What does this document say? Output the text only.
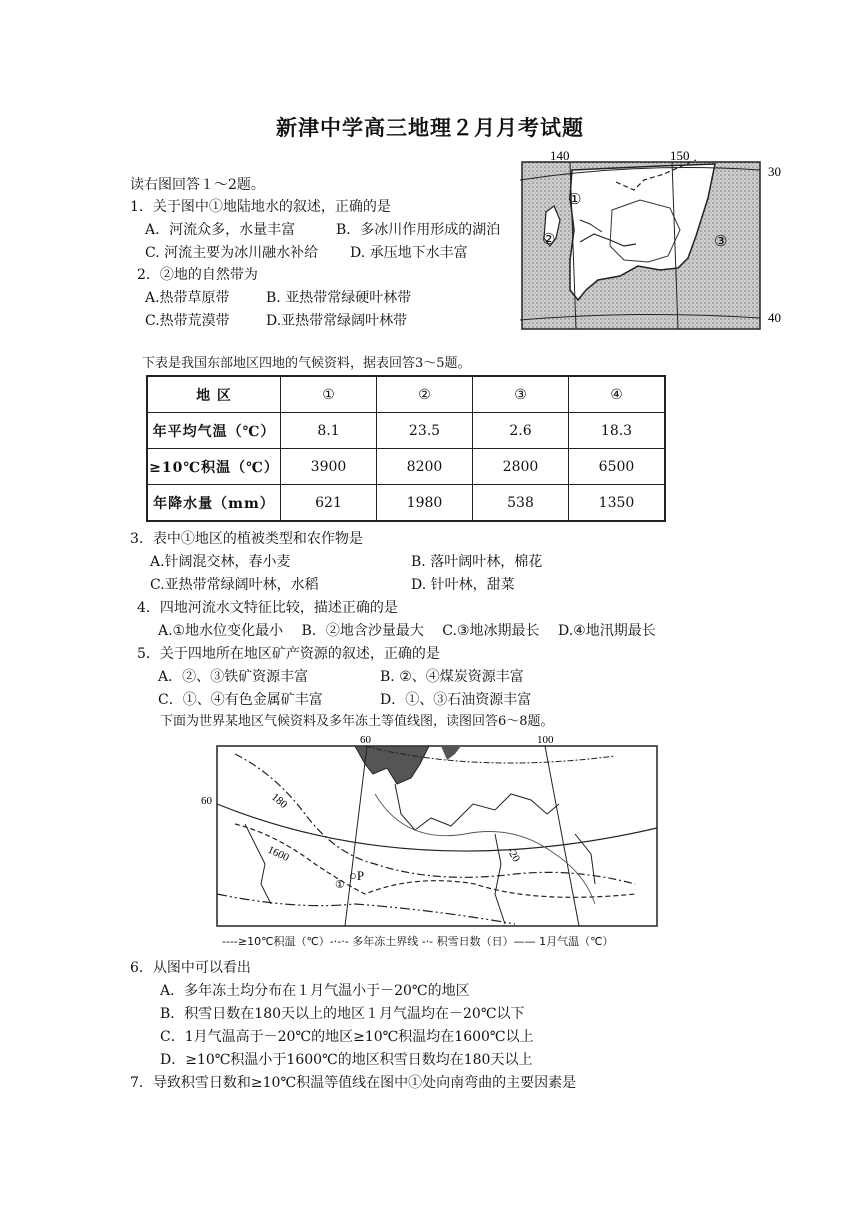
新津中学高三地理２月月考试题
140	150
30
40
①
②	③
读右图回答１～2题。
1．关于图中①地陆地水的叙述，正确的是
A．河流众多，水量丰富	B．多冰川作用形成的湖泊
C. 河流主要为冰川融水补给 D. 承压地下水丰富
2．②地的自然带为
A.热带草原带	B. 亚热带常绿硬叶林带
C.热带荒漠带	D.亚热带常绿阔叶林带
下表是我国东部地区四地的气候资料，据表回答3～5题。
地 区	①	②	③	④
年平均气温（℃）	8.1	23.5	2.6	18.3
≥10℃积温（℃）	3900	8200	2800	6500
年降水量（mm）	621	1980	538	1350
3．表中①地区的植被类型和农作物是
A.针阔混交林，春小麦	B. 落叶阔叶林，棉花
C.亚热带常绿阔叶林，水稻	D. 针叶林，甜菜
4．四地河流水文特征比较，描述正确的是
A.①地水位变化最小　 B．②地含沙量最大　 C.③地冰期最长　 D.④地汛期最长
5．关于四地所在地区矿产资源的叙述，正确的是
A．②、③铁矿资源丰富	B. ②、④煤炭资源丰富
C．①、④有色金属矿丰富	D．①、③石油资源丰富
下面为世界某地区气候资料及多年冻土等值线图，读图回答6～8题。
60	100
60	180
1600	-20
①
○P
----≥10℃积温（℃）-·-·- 多年冻土界线 -·- 积雪日数（日）—— 1月气温（℃）
6．从图中可以看出
A．多年冻土均分布在１月气温小于－20℃的地区
B．积雪日数在180天以上的地区１月气温均在－20℃以下
C．1月气温高于－20℃的地区≥10℃积温均在1600℃以上
D．≥10℃积温小于1600℃的地区积雪日数均在180天以上
7．导致积雪日数和≥10℃积温等值线在图中①处向南弯曲的主要因素是
